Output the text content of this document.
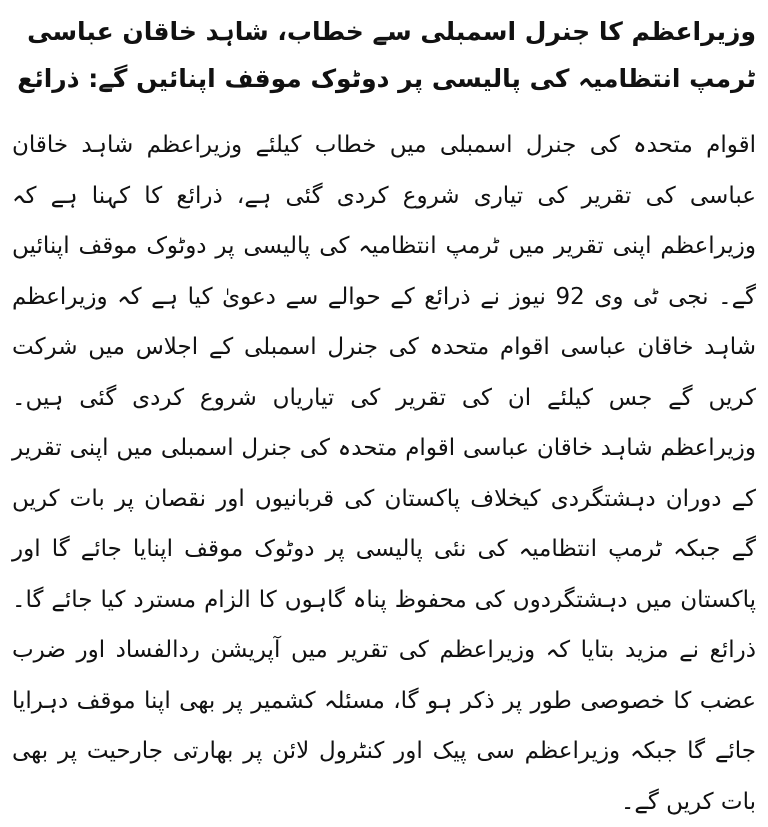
وزیراعظم کا جنرل اسمبلی سے خطاب، شاہد خاقان عباسی ٹرمپ انتظامیہ کی پالیسی پر دوٹوک موقف اپنائیں گے: ذرائع

اقوام متحدہ کی جنرل اسمبلی میں خطاب کیلئے وزیراعظم شاہد خاقان عباسی کی تقریر کی تیاری شروع کردی گئی ہے، ذرائع کا کہنا ہے کہ وزیراعظم اپنی تقریر میں ٹرمپ انتظامیہ کی پالیسی پر دوٹوک موقف اپنائیں گے۔ نجی ٹی وی 92 نیوز نے ذرائع کے حوالے سے دعویٰ کیا ہے کہ وزیراعظم شاہد خاقان عباسی اقوام متحدہ کی جنرل اسمبلی کے اجلاس میں شرکت کریں گے جس کیلئے ان کی تقریر کی تیاریاں شروع کردی گئی ہیں۔ وزیراعظم شاہد خاقان عباسی اقوام متحدہ کی جنرل اسمبلی میں اپنی تقریر کے دوران دہشتگردی کیخلاف پاکستان کی قربانیوں اور نقصان پر بات کریں گے جبکہ ٹرمپ انتظامیہ کی نئی پالیسی پر دوٹوک موقف اپنایا جائے گا اور پاکستان میں دہشتگردوں کی محفوظ پناہ گاہوں کا الزام مسترد کیا جائے گا۔ ذرائع نے مزید بتایا کہ وزیراعظم کی تقریر میں آپریشن ردالفساد اور ضرب عضب کا خصوصی طور پر ذکر ہو گا، مسئلہ کشمیر پر بھی اپنا موقف دہرایا جائے گا جبکہ وزیراعظم سی پیک اور کنٹرول لائن پر بھارتی جارحیت پر بھی بات کریں گے۔
